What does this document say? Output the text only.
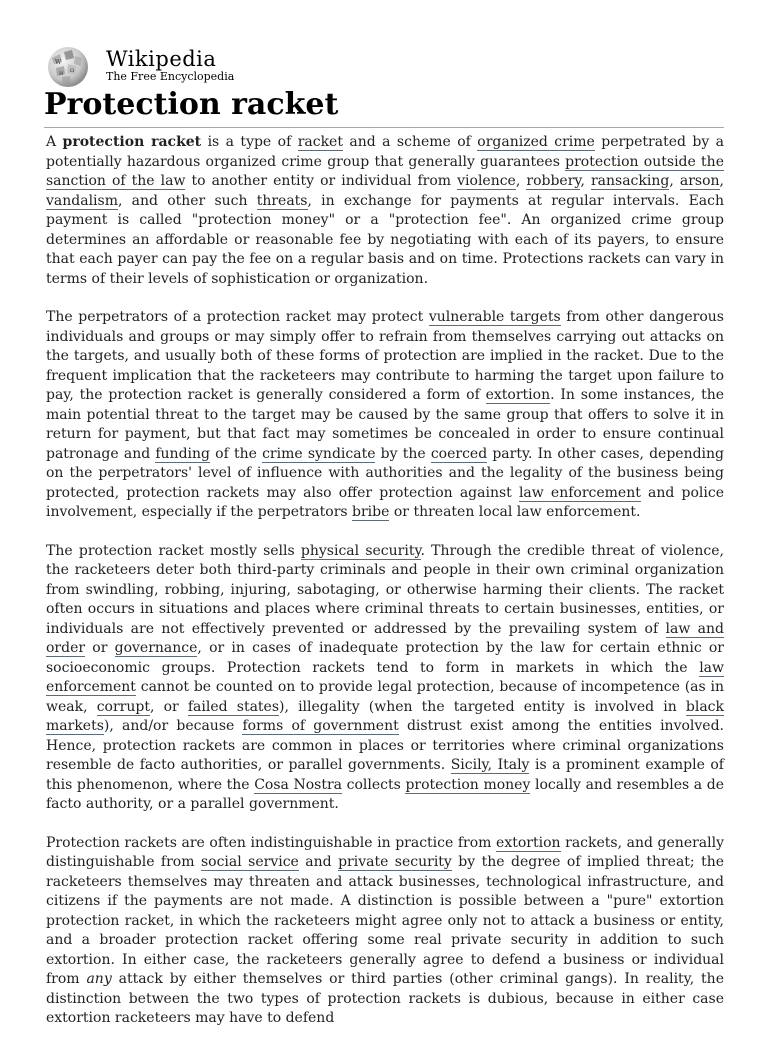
W
Ω
И
Wikipedia
The Free Encyclopedia
Protection racket

A protection racket is a type of racket and a scheme of organized crime perpetrated by a potentially hazardous organized crime group that generally guarantees protection outside the sanction of the law to another entity or individual from violence, robbery, ransacking, arson, vandalism, and other such threats, in exchange for payments at regular intervals. Each payment is called "protection money" or a "protection fee". An organized crime group determines an affordable or reasonable fee by negotiating with each of its payers, to ensure that each payer can pay the fee on a regular basis and on time. Protections rackets can vary in terms of their levels of sophistication or organization.

The perpetrators of a protection racket may protect vulnerable targets from other dangerous individuals and groups or may simply offer to refrain from themselves carrying out attacks on the targets, and usually both of these forms of protection are implied in the racket. Due to the frequent implication that the racketeers may contribute to harming the target upon failure to pay, the protection racket is generally considered a form of extortion. In some instances, the main potential threat to the target may be caused by the same group that offers to solve it in return for payment, but that fact may sometimes be concealed in order to ensure continual patronage and funding of the crime syndicate by the coerced party. In other cases, depending on the perpetrators' level of influence with authorities and the legality of the business being protected, protection rackets may also offer protection against law enforcement and police involvement, especially if the perpetrators bribe or threaten local law enforcement.

The protection racket mostly sells physical security. Through the credible threat of violence, the racketeers deter both third-party criminals and people in their own criminal organization from swindling, robbing, injuring, sabotaging, or otherwise harming their clients. The racket often occurs in situations and places where criminal threats to certain businesses, entities, or individuals are not effectively prevented or addressed by the prevailing system of law and order or governance, or in cases of inadequate protection by the law for certain ethnic or socioeconomic groups. Protection rackets tend to form in markets in which the law enforcement cannot be counted on to provide legal protection, because of incompetence (as in weak, corrupt, or failed states), illegality (when the targeted entity is involved in black markets), and/or because forms of government distrust exist among the entities involved. Hence, protection rackets are common in places or territories where criminal organizations resemble de facto authorities, or parallel governments. Sicily, Italy is a prominent example of this phenomenon, where the Cosa Nostra collects protection money locally and resembles a de facto authority, or a parallel government.

Protection rackets are often indistinguishable in practice from extortion rackets, and generally distinguishable from social service and private security by the degree of implied threat; the racketeers themselves may threaten and attack businesses, technological infrastructure, and citizens if the payments are not made. A distinction is possible between a "pure" extortion protection racket, in which the racketeers might agree only not to attack a business or entity, and a broader protection racket offering some real private security in addition to such extortion. In either case, the racketeers generally agree to defend a business or individual from any attack by either themselves or third parties (other criminal gangs). In reality, the distinction between the two types of protection rackets is dubious, because in either case extortion racketeers may have to defend
